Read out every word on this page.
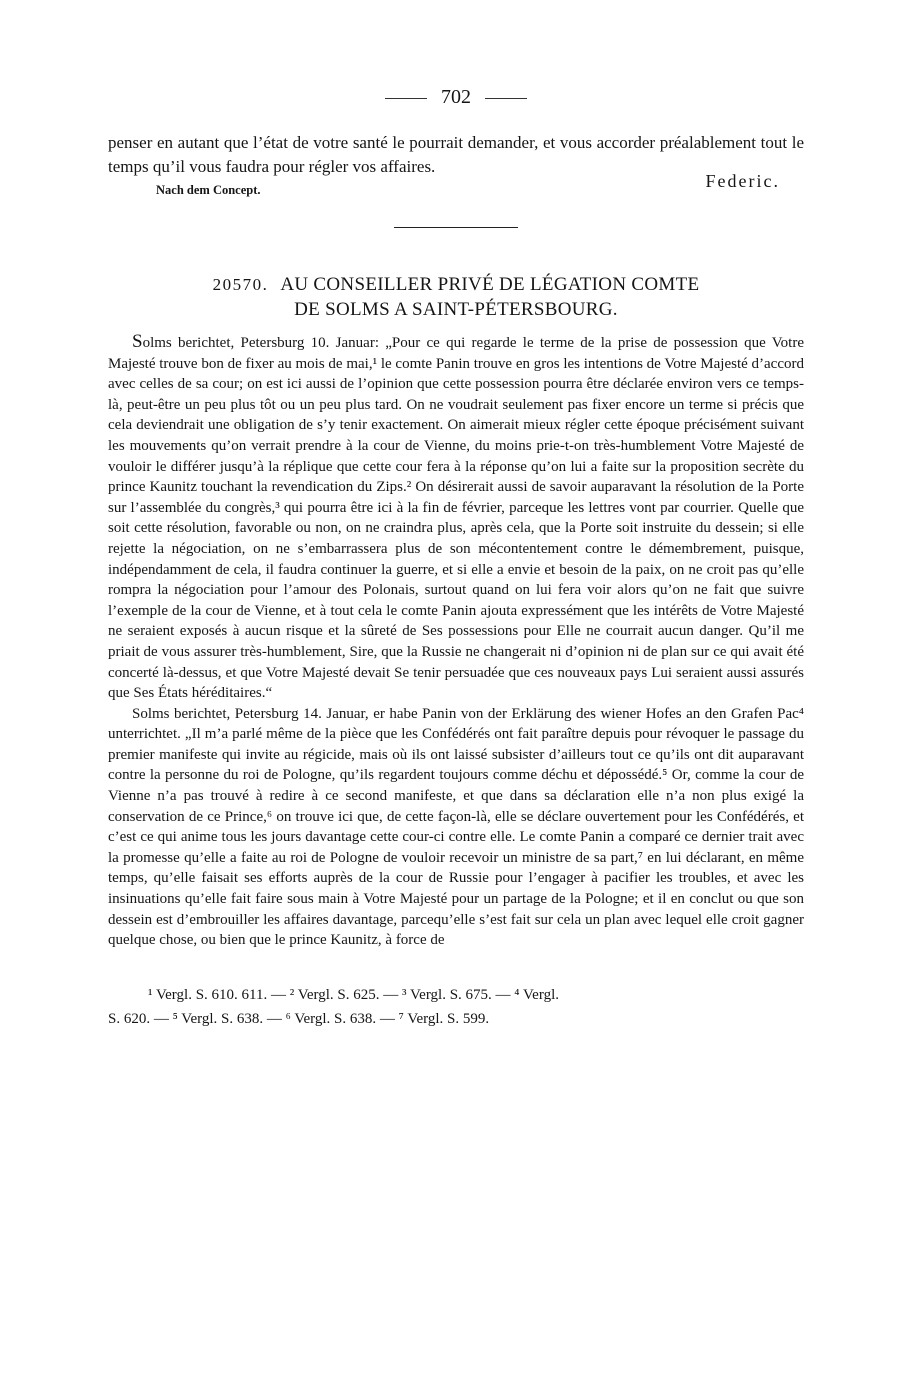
702

penser en autant que l’état de votre santé le pourrait demander, et vous accorder préalablement tout le temps qu’il vous faudra pour régler vos affaires.

Nach dem Concept.	Federic.
20570. AU CONSEILLER PRIVÉ DE LÉGATION COMTE
DE SOLMS A SAINT-PÉTERSBOURG.

Solms berichtet, Petersburg 10. Januar: „Pour ce qui regarde le terme de la prise de possession que Votre Majesté trouve bon de fixer au mois de mai,¹ le comte Panin trouve en gros les intentions de Votre Majesté d’accord avec celles de sa cour; on est ici aussi de l’opinion que cette possession pourra être déclarée environ vers ce temps-là, peut-être un peu plus tôt ou un peu plus tard. On ne voudrait seulement pas fixer encore un terme si précis que cela deviendrait une obligation de s’y tenir exactement. On aimerait mieux régler cette époque précisément suivant les mouvements qu’on verrait prendre à la cour de Vienne, du moins prie-t-on très-humblement Votre Majesté de vouloir le différer jusqu’à la réplique que cette cour fera à la réponse qu’on lui a faite sur la proposition secrète du prince Kaunitz touchant la revendication du Zips.² On désirerait aussi de savoir auparavant la résolution de la Porte sur l’assemblée du congrès,³ qui pourra être ici à la fin de février, parceque les lettres vont par courrier. Quelle que soit cette résolution, favorable ou non, on ne craindra plus, après cela, que la Porte soit instruite du dessein; si elle rejette la négociation, on ne s’embarrassera plus de son mécontentement contre le démembrement, puisque, indépendamment de cela, il faudra continuer la guerre, et si elle a envie et besoin de la paix, on ne croit pas qu’elle rompra la négociation pour l’amour des Polonais, surtout quand on lui fera voir alors qu’on ne fait que suivre l’exemple de la cour de Vienne, et à tout cela le comte Panin ajouta expressément que les intérêts de Votre Majesté ne seraient exposés à aucun risque et la sûreté de Ses possessions pour Elle ne courrait aucun danger. Qu’il me priait de vous assurer très-humblement, Sire, que la Russie ne changerait ni d’opinion ni de plan sur ce qui avait été concerté là-dessus, et que Votre Majesté devait Se tenir persuadée que ces nouveaux pays Lui seraient aussi assurés que Ses États héréditaires.“

Solms berichtet, Petersburg 14. Januar, er habe Panin von der Erklärung des wiener Hofes an den Grafen Pac⁴ unterrichtet. „Il m’a parlé même de la pièce que les Confédérés ont fait paraître depuis pour révoquer le passage du premier manifeste qui invite au régicide, mais où ils ont laissé subsister d’ailleurs tout ce qu’ils ont dit auparavant contre la personne du roi de Pologne, qu’ils regardent toujours comme déchu et dépossédé.⁵ Or, comme la cour de Vienne n’a pas trouvé à redire à ce second manifeste, et que dans sa déclaration elle n’a non plus exigé la conservation de ce Prince,⁶ on trouve ici que, de cette façon-là, elle se déclare ouvertement pour les Confédérés, et c’est ce qui anime tous les jours davantage cette cour-ci contre elle. Le comte Panin a comparé ce dernier trait avec la promesse qu’elle a faite au roi de Pologne de vouloir recevoir un ministre de sa part,⁷ en lui déclarant, en même temps, qu’elle faisait ses efforts auprès de la cour de Russie pour l’engager à pacifier les troubles, et avec les insinuations qu’elle fait faire sous main à Votre Majesté pour un partage de la Pologne; et il en conclut ou que son dessein est d’embrouiller les affaires davantage, parcequ’elle s’est fait sur cela un plan avec lequel elle croit gagner quelque chose, ou bien que le prince Kaunitz, à force de

¹ Vergl. S. 610. 611. — ² Vergl. S. 625. — ³ Vergl. S. 675. — ⁴ Vergl.
S. 620. — ⁵ Vergl. S. 638. — ⁶ Vergl. S. 638. — ⁷ Vergl. S. 599.
